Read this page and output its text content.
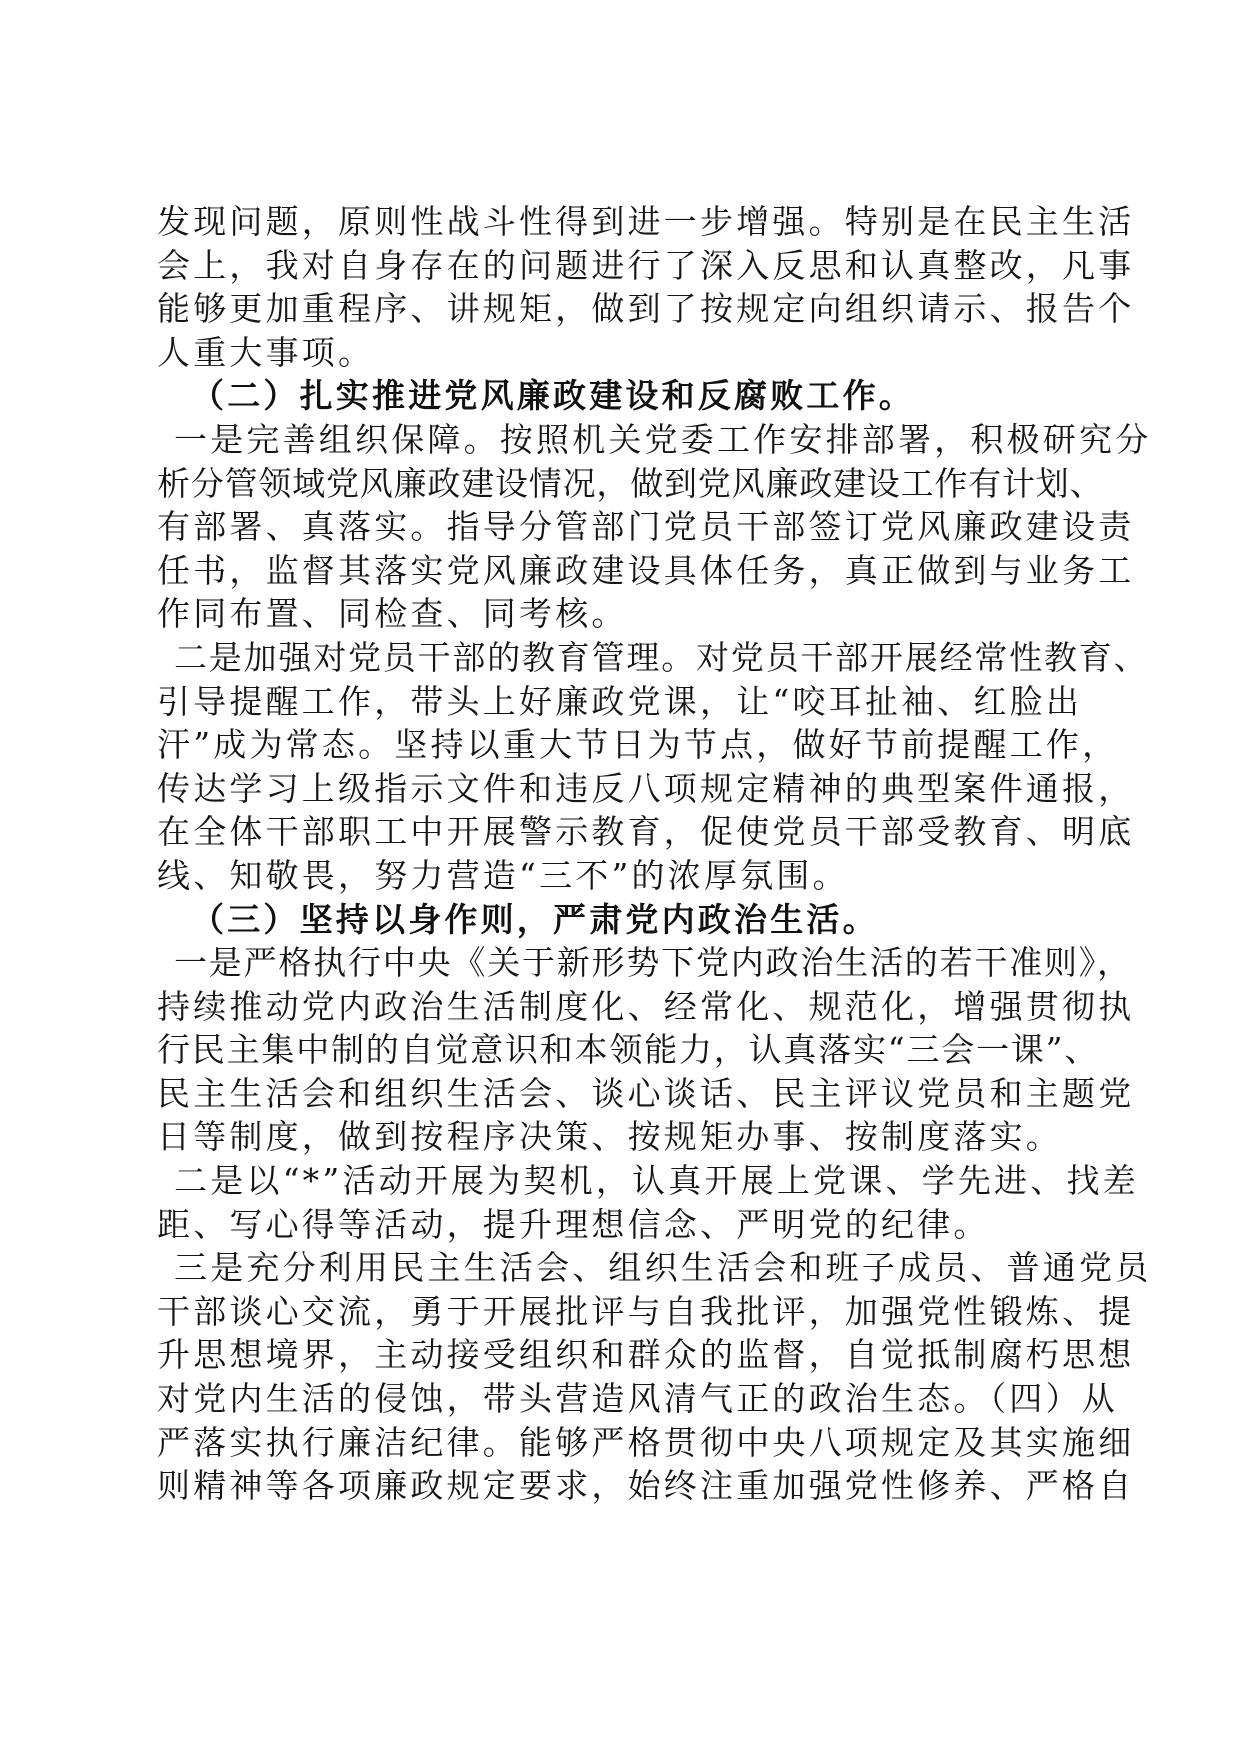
发现问题，原则性战斗性得到进一步增强。特别是在民主生活
会上，我对自身存在的问题进行了深入反思和认真整改，凡事
能够更加重程序、讲规矩，做到了按规定向组织请示、报告个
人重大事项。
（二）扎实推进党风廉政建设和反腐败工作。
一是完善组织保障。按照机关党委工作安排部署，积极研究分
析分管领域党风廉政建设情况，做到党风廉政建设工作有计划、
有部署、真落实。指导分管部门党员干部签订党风廉政建设责
任书，监督其落实党风廉政建设具体任务，真正做到与业务工
作同布置、同检查、同考核。
二是加强对党员干部的教育管理。对党员干部开展经常性教育、
引导提醒工作，带头上好廉政党课，让“咬耳扯袖、红脸出
汗”成为常态。坚持以重大节日为节点，做好节前提醒工作，
传达学习上级指示文件和违反八项规定精神的典型案件通报，
在全体干部职工中开展警示教育，促使党员干部受教育、明底
线、知敬畏，努力营造“三不”的浓厚氛围。
（三）坚持以身作则，严肃党内政治生活。
一是严格执行中央《关于新形势下党内政治生活的若干准则》，
持续推动党内政治生活制度化、经常化、规范化，增强贯彻执
行民主集中制的自觉意识和本领能力，认真落实“三会一课”、
民主生活会和组织生活会、谈心谈话、民主评议党员和主题党
日等制度，做到按程序决策、按规矩办事、按制度落实。
二是以“*”活动开展为契机，认真开展上党课、学先进、找差
距、写心得等活动，提升理想信念、严明党的纪律。
三是充分利用民主生活会、组织生活会和班子成员、普通党员
干部谈心交流，勇于开展批评与自我批评，加强党性锻炼、提
升思想境界，主动接受组织和群众的监督，自觉抵制腐朽思想
对党内生活的侵蚀，带头营造风清气正的政治生态。（四）从
严落实执行廉洁纪律。能够严格贯彻中央八项规定及其实施细
则精神等各项廉政规定要求，始终注重加强党性修养、严格自
